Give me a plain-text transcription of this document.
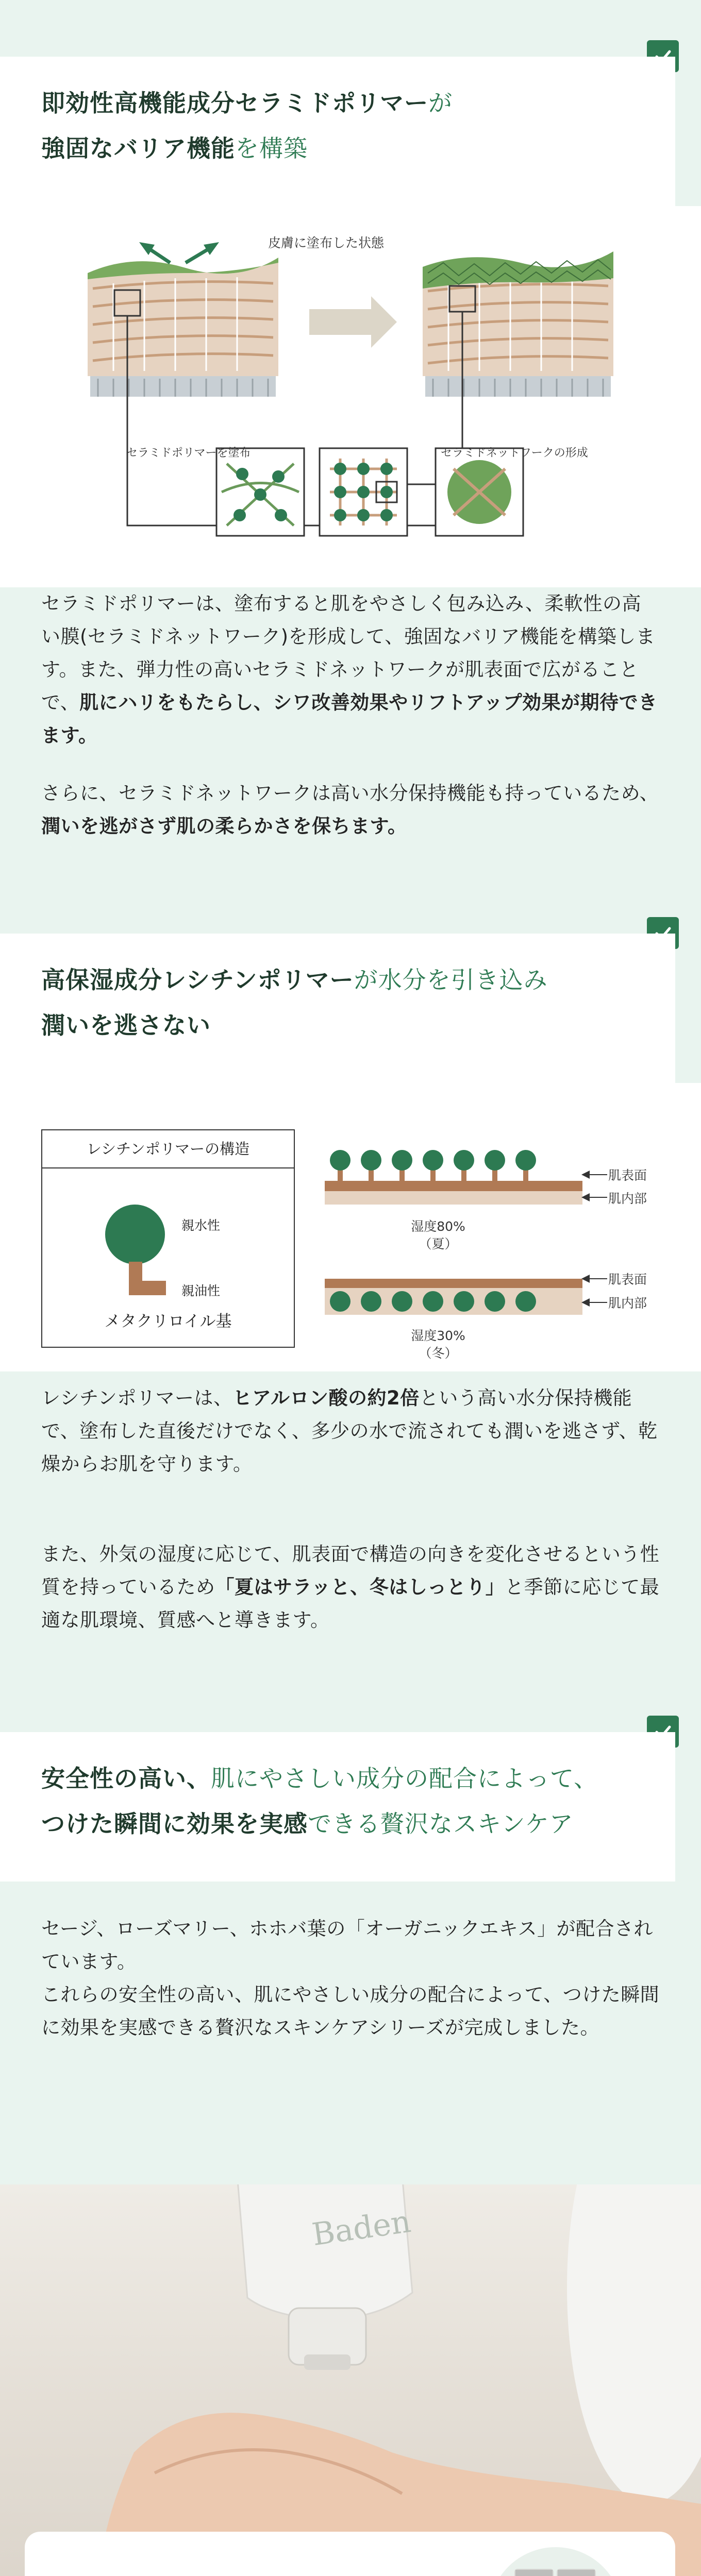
即効性高機能成分セラミドポリマーが

強固なバリア機能を構築

皮膚に塗布した状態
セラミドポリマーを塗布	セラミドネットワークの形成

セラミドポリマーは、塗布すると肌をやさしく包み込み、柔軟性の高い膜(セラミドネットワーク)を形成して、強固なバリア機能を構築します。また、弾力性の高いセラミドネットワークが肌表面で広がることで、肌にハリをもたらし、シワ改善効果やリフトアップ効果が期待できます。

さらに、セラミドネットワークは高い水分保持機能も持っているため、潤いを逃がさず肌の柔らかさを保ちます。

高保湿成分レシチンポリマーが水分を引き込み

潤いを逃さない

レシチンポリマーの構造
親水性
親油性
メタクリロイル基
肌表面
肌内部
肌表面
肌内部
湿度80%
（夏）
湿度30%
（冬）

レシチンポリマーは、ヒアルロン酸の約2倍という高い水分保持機能で、塗布した直後だけでなく、多少の水で流されても潤いを逃さず、乾燥からお肌を守ります。

また、外気の湿度に応じて、肌表面で構造の向きを変化させるという性質を持っているため「夏はサラッと、冬はしっとり」と季節に応じて最適な肌環境、質感へと導きます。

安全性の高い、肌にやさしい成分の配合によって、

つけた瞬間に効果を実感できる贅沢なスキンケア

セージ、ローズマリー、ホホバ葉の「オーガニックエキス」が配合されています。
これらの安全性の高い、肌にやさしい成分の配合によって、つけた瞬間に効果を実感できる贅沢なスキンケアシリーズが完成しました。

Baden
